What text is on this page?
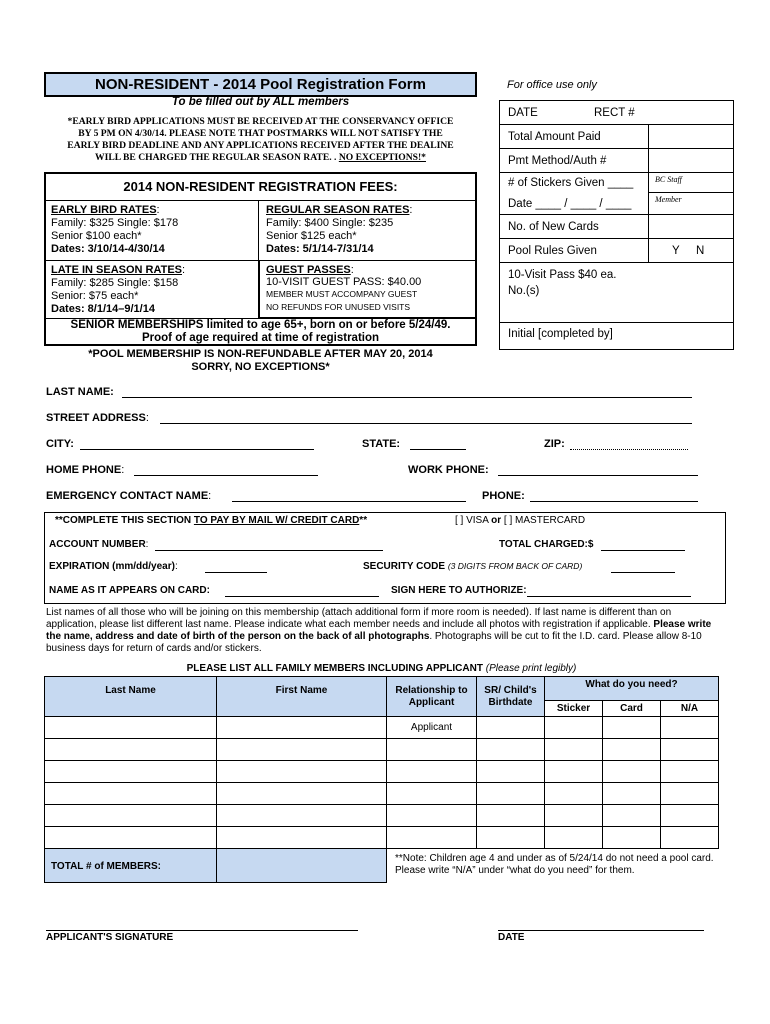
NON-RESIDENT - 2014 Pool Registration Form
To be filled out by ALL members
For office use only
*EARLY BIRD APPLICATIONS MUST BE RECEIVED AT THE CONSERVANCY OFFICE
BY 5 PM ON 4/30/14. PLEASE NOTE THAT POSTMARKS WILL NOT SATISFY THE
EARLY BIRD DEADLINE AND ANY APPLICATIONS RECEIVED AFTER THE DEALINE
WILL BE CHARGED THE REGULAR SEASON RATE. . NO EXCEPTIONS!*
DATE	RECT #
Total Amount Paid
Pmt Method/Auth #
# of Stickers Given ____
Date ____ / ____ / ____
BC Staff
Member
No. of New Cards
Pool Rules Given	Y N
10-Visit Pass $40 ea.
No.(s)
Initial [completed by]
2014 NON-RESIDENT REGISTRATION FEES:
EARLY BIRD RATES:
Family: $325 Single: $178
Senior $100 each*
Dates: 3/10/14-4/30/14
REGULAR SEASON RATES:
Family: $400 Single: $235
Senior $125 each*
Dates: 5/1/14-7/31/14
LATE IN SEASON RATES:
Family: $285 Single: $158
Senior: $75 each*
Dates: 8/1/14–9/1/14
GUEST PASSES:
10-VISIT GUEST PASS: $40.00
MEMBER MUST ACCOMPANY GUEST
NO REFUNDS FOR UNUSED VISITS
SENIOR MEMBERSHIPS limited to age 65+, born on or before 5/24/49.
Proof of age required at time of registration
*POOL MEMBERSHIP IS NON-REFUNDABLE AFTER MAY 20, 2014
SORRY, NO EXCEPTIONS*
LAST NAME:
STREET ADDRESS:
CITY:	STATE:	ZIP:
HOME PHONE:	WORK PHONE:
EMERGENCY CONTACT NAME:	PHONE:
**COMPLETE THIS SECTION TO PAY BY MAIL W/ CREDIT CARD**	[ ] VISA or [ ] MASTERCARD
ACCOUNT NUMBER:	TOTAL CHARGED:$
EXPIRATION (mm/dd/year):	SECURITY CODE (3 DIGITS FROM BACK OF CARD)
NAME AS IT APPEARS ON CARD:	SIGN HERE TO AUTHORIZE:
List names of all those who will be joining on this membership (attach additional form if more room is needed). If last name is different than on application, please list different last name. Please indicate what each member needs and include all photos with registration if applicable. Please write the name, address and date of birth of the person on the back of all photographs. Photographs will be cut to fit the I.D. card. Please allow 8-10 business days for return of cards and/or stickers.
PLEASE LIST ALL FAMILY MEMBERS INCLUDING APPLICANT (Please print legibly)
Last Name	First Name	Relationship to Applicant	SR/ Child's Birthdate	What do you need?		
				Sticker	Card	N/A
		Applicant				

TOTAL # of MEMBERS:		**Note: Children age 4 and under as of 5/24/14 do not need a pool card. Please write “N/A” under “what do you need” for them.				
APPLICANT'S SIGNATURE	DATE
